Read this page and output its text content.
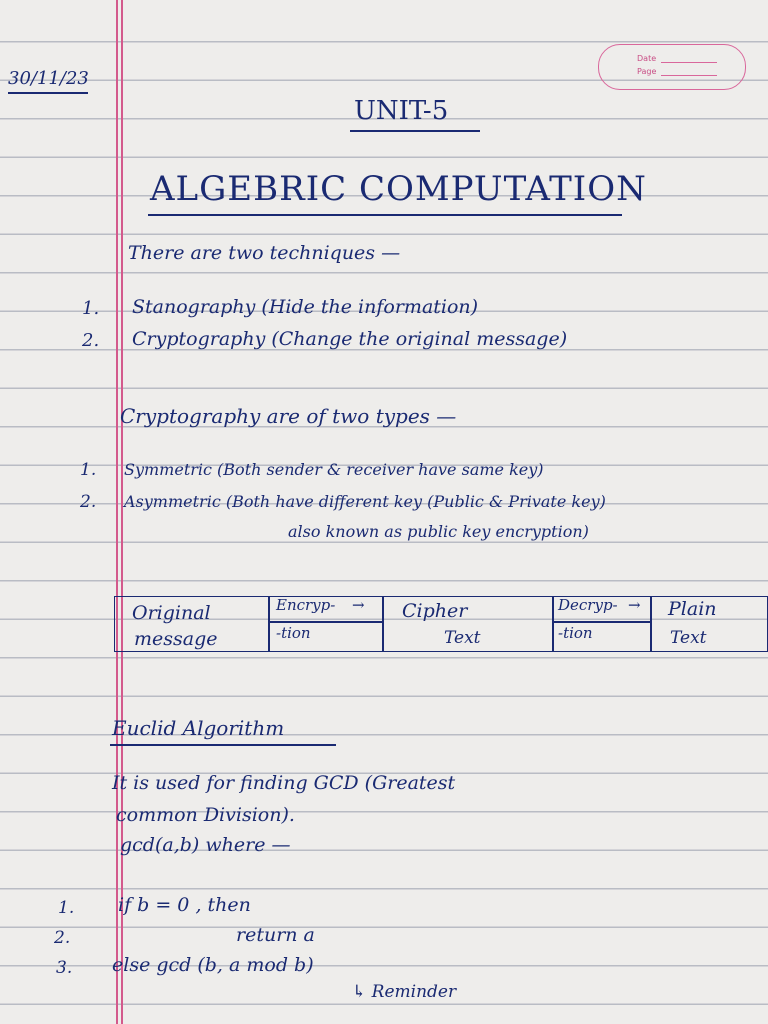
Date
Page
30/11/23
UNIT-5
ALGEBRIC COMPUTATION
There are two techniques —
1. Stanography (Hide the information)
2. Cryptography (Change the original message)
Cryptography are of two types —
1. Symmetric (Both sender & receiver have same key)
2. Asymmetric (Both have different key (Public & Private key)
also known as public key encryption)
Original
message
Encryp- →
-tion
Cipher
Text
Decryp- →
-tion
Plain
Text
Euclid Algorithm
It is used for finding GCD (Greatest
common Division).
gcd(a,b) where —
1. if b = 0 , then
2.	return a
3. else gcd (b, a mod b)
↳ Reminder
